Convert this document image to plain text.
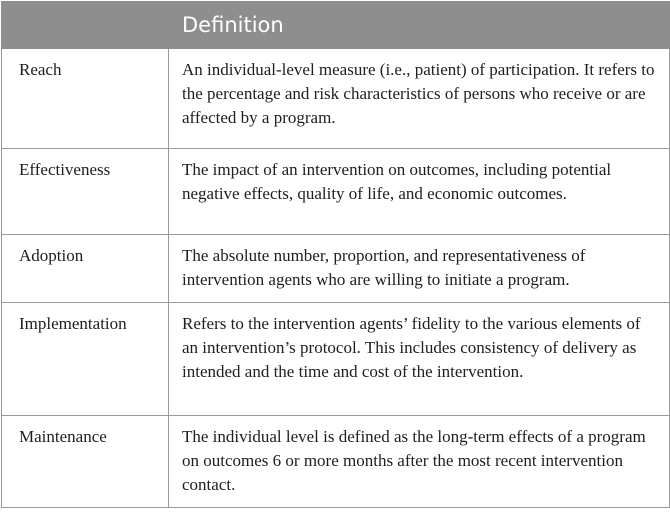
	Definition
Reach	An individual-level measure (i.e., patient) of participation. It refers to the percentage and risk characteristics of persons who receive or are affected by a program.
Effectiveness	The impact of an intervention on outcomes, including potential negative effects, quality of life, and economic outcomes.
Adoption	The absolute number, proportion, and representativeness of intervention agents who are willing to initiate a program.
Implementation	Refers to the intervention agents’ fidelity to the various elements of an intervention’s protocol. This includes consistency of delivery as intended and the time and cost of the intervention.
Maintenance	The individual level is defined as the long-term effects of a program on outcomes 6 or more months after the most recent intervention contact.
